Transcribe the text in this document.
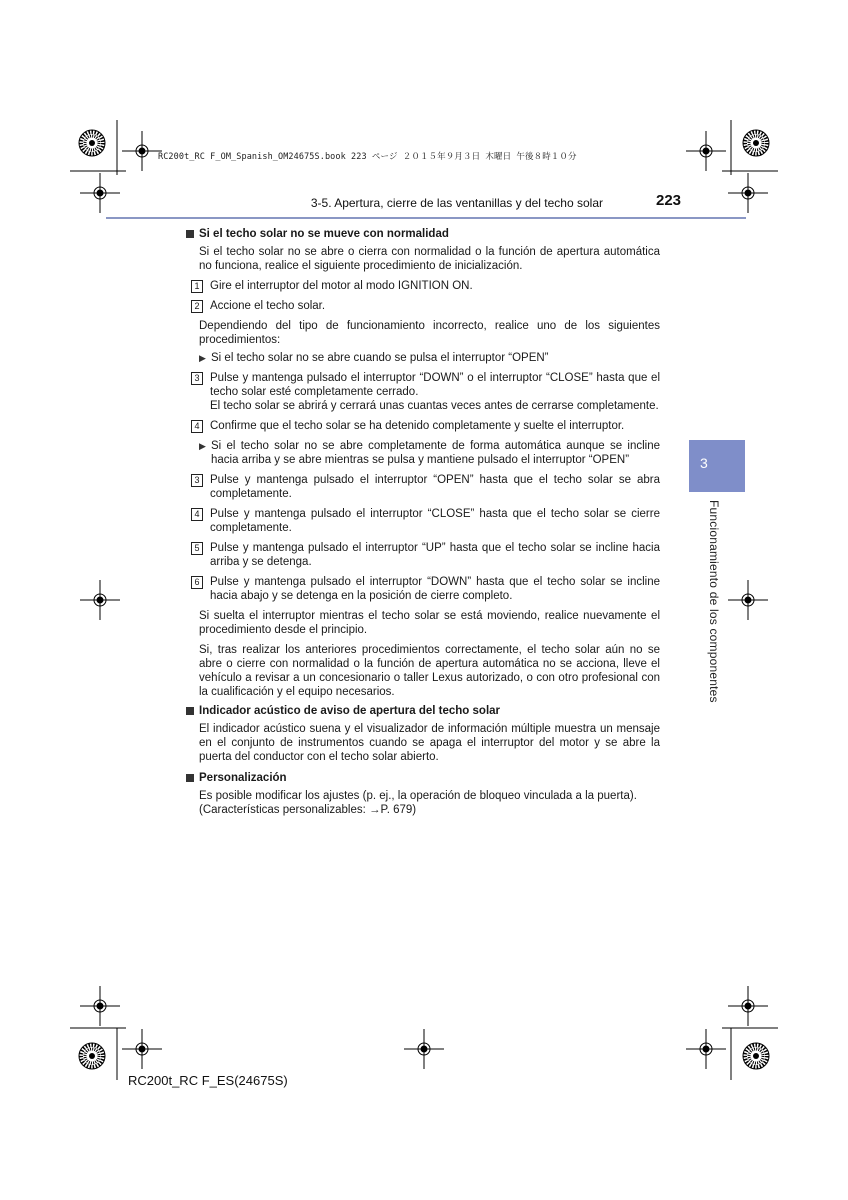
RC200t_RC F_OM_Spanish_OM24675S.book 223 ページ ２０１５年９月３日 木曜日 午後８時１０分
3-5. Apertura, cierre de las ventanillas y del techo solar	223
3
Funcionamiento de los componentes

Si el techo solar no se mueve con normalidad

Si el techo solar no se abre o cierra con normalidad o la función de apertura automática no funciona, realice el siguiente procedimiento de inicialización.

1 Gire el interruptor del motor al modo IGNITION ON.
2 Accione el techo solar.

Dependiendo del tipo de funcionamiento incorrecto, realice uno de los siguientes procedimientos:

▶ Si el techo solar no se abre cuando se pulsa el interruptor “OPEN”
3 Pulse y mantenga pulsado el interruptor “DOWN” o el interruptor “CLOSE” hasta que el techo solar esté completamente cerrado.
El techo solar se abrirá y cerrará unas cuantas veces antes de cerrarse completamente.
4 Confirme que el techo solar se ha detenido completamente y suelte el interruptor.
▶ Si el techo solar no se abre completamente de forma automática aunque se incline hacia arriba y se abre mientras se pulsa y mantiene pulsado el interruptor “OPEN”
3 Pulse y mantenga pulsado el interruptor “OPEN” hasta que el techo solar se abra completamente.
4 Pulse y mantenga pulsado el interruptor “CLOSE” hasta que el techo solar se cierre completamente.
5 Pulse y mantenga pulsado el interruptor “UP” hasta que el techo solar se incline hacia arriba y se detenga.
6 Pulse y mantenga pulsado el interruptor “DOWN” hasta que el techo solar se incline hacia abajo y se detenga en la posición de cierre completo.

Si suelta el interruptor mientras el techo solar se está moviendo, realice nuevamente el procedimiento desde el principio.

Si, tras realizar los anteriores procedimientos correctamente, el techo solar aún no se abre o cierre con normalidad o la función de apertura automática no se acciona, lleve el vehículo a revisar a un concesionario o taller Lexus autorizado, o con otro profesional con la cualificación y el equipo necesarios.

Indicador acústico de aviso de apertura del techo solar

El indicador acústico suena y el visualizador de información múltiple muestra un mensaje en el conjunto de instrumentos cuando se apaga el interruptor del motor y se abre la puerta del conductor con el techo solar abierto.

Personalización

Es posible modificar los ajustes (p. ej., la operación de bloqueo vinculada a la puerta).
(Características personalizables: →P. 679)

RC200t_RC F_ES(24675S)
